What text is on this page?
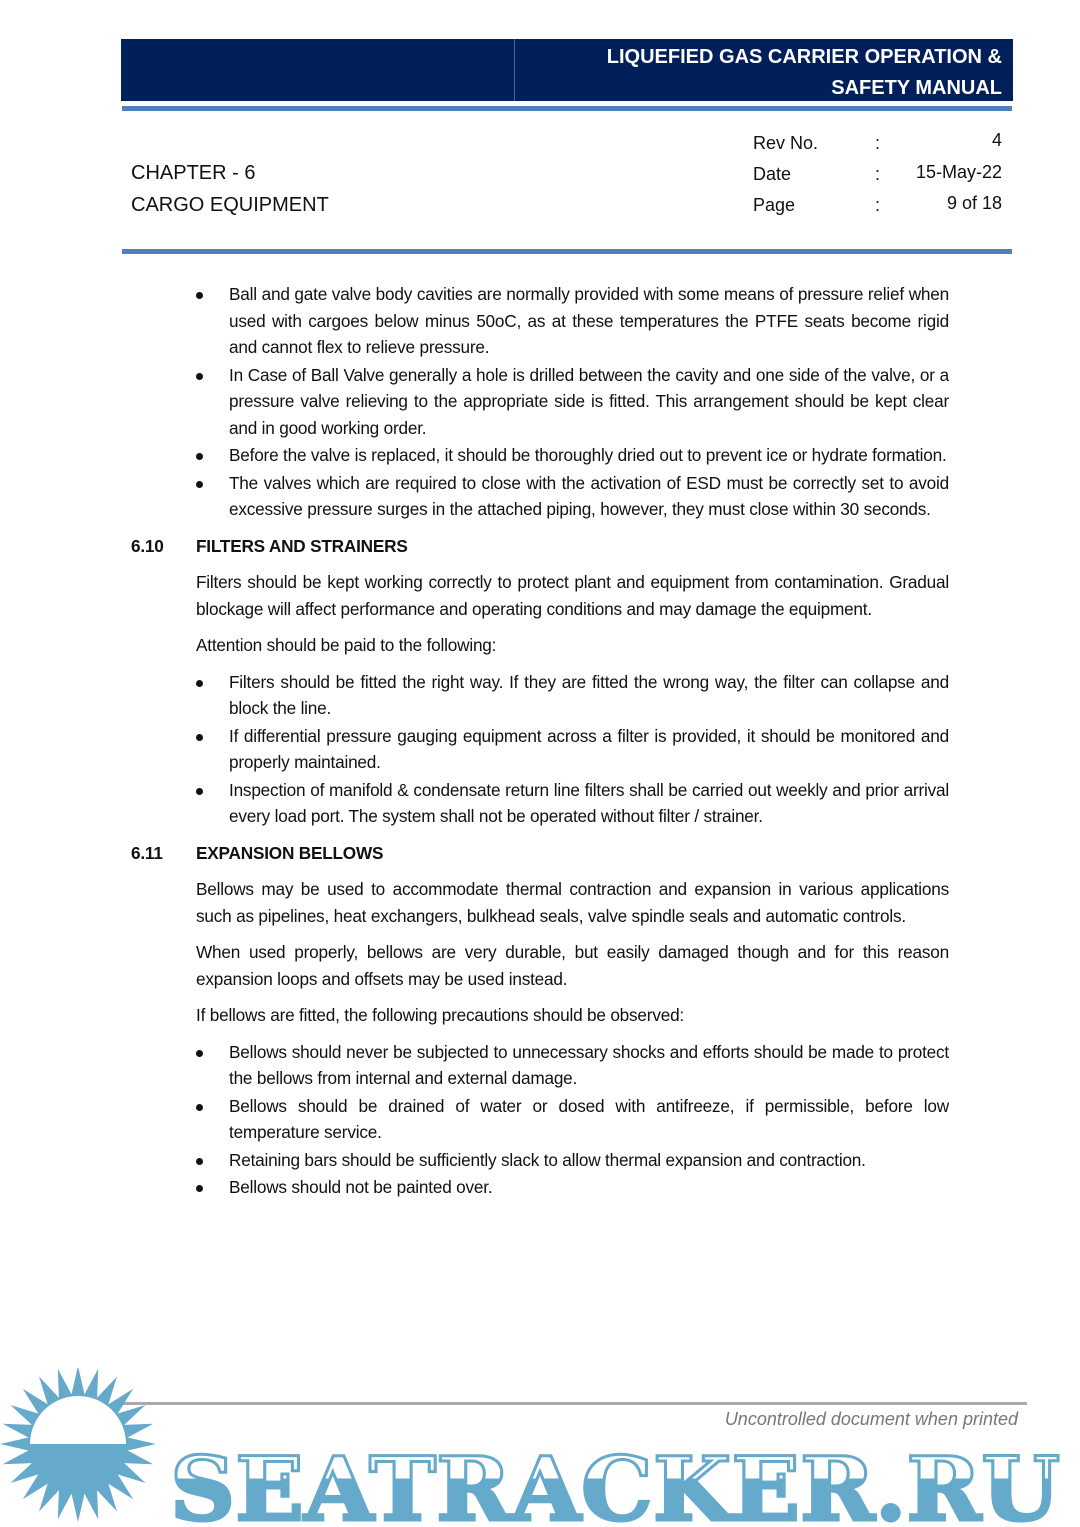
LIQUEFIED GAS CARRIER OPERATION &
SAFETY MANUAL
CHAPTER - 6
CARGO EQUIPMENT
Rev No.	:	4
Date	: 15-May-22
Page	:	9 of 18
Ball and gate valve body cavities are normally provided with some means of pressure relief when used with cargoes below minus 50oC, as at these temperatures the PTFE seats become rigid and cannot flex to relieve pressure.
In Case of Ball Valve generally a hole is drilled between the cavity and one side of the valve, or a pressure valve relieving to the appropriate side is fitted. This arrangement should be kept clear and in good working order.
Before the valve is replaced, it should be thoroughly dried out to prevent ice or hydrate formation.
The valves which are required to close with the activation of ESD must be correctly set to avoid excessive pressure surges in the attached piping, however, they must close within 30 seconds.
6.10 FILTERS AND STRAINERS

Filters should be kept working correctly to protect plant and equipment from contamination. Gradual blockage will affect performance and operating conditions and may damage the equipment.

Attention should be paid to the following:

Filters should be fitted the right way. If they are fitted the wrong way, the filter can collapse and block the line.
If differential pressure gauging equipment across a filter is provided, it should be monitored and properly maintained.
Inspection of manifold & condensate return line filters shall be carried out weekly and prior arrival every load port. The system shall not be operated without filter / strainer.
6.11 EXPANSION BELLOWS

Bellows may be used to accommodate thermal contraction and expansion in various applications such as pipelines, heat exchangers, bulkhead seals, valve spindle seals and automatic controls.

When used properly, bellows are very durable, but easily damaged though and for this reason expansion loops and offsets may be used instead.

If bellows are fitted, the following precautions should be observed:

Bellows should never be subjected to unnecessary shocks and efforts should be made to protect the bellows from internal and external damage.
Bellows should be drained of water or dosed with antifreeze, if permissible, before low temperature service.
Retaining bars should be sufficiently slack to allow thermal expansion and contraction.
Bellows should not be painted over.
SEATRACKER.RU
Uncontrolled document when printed
